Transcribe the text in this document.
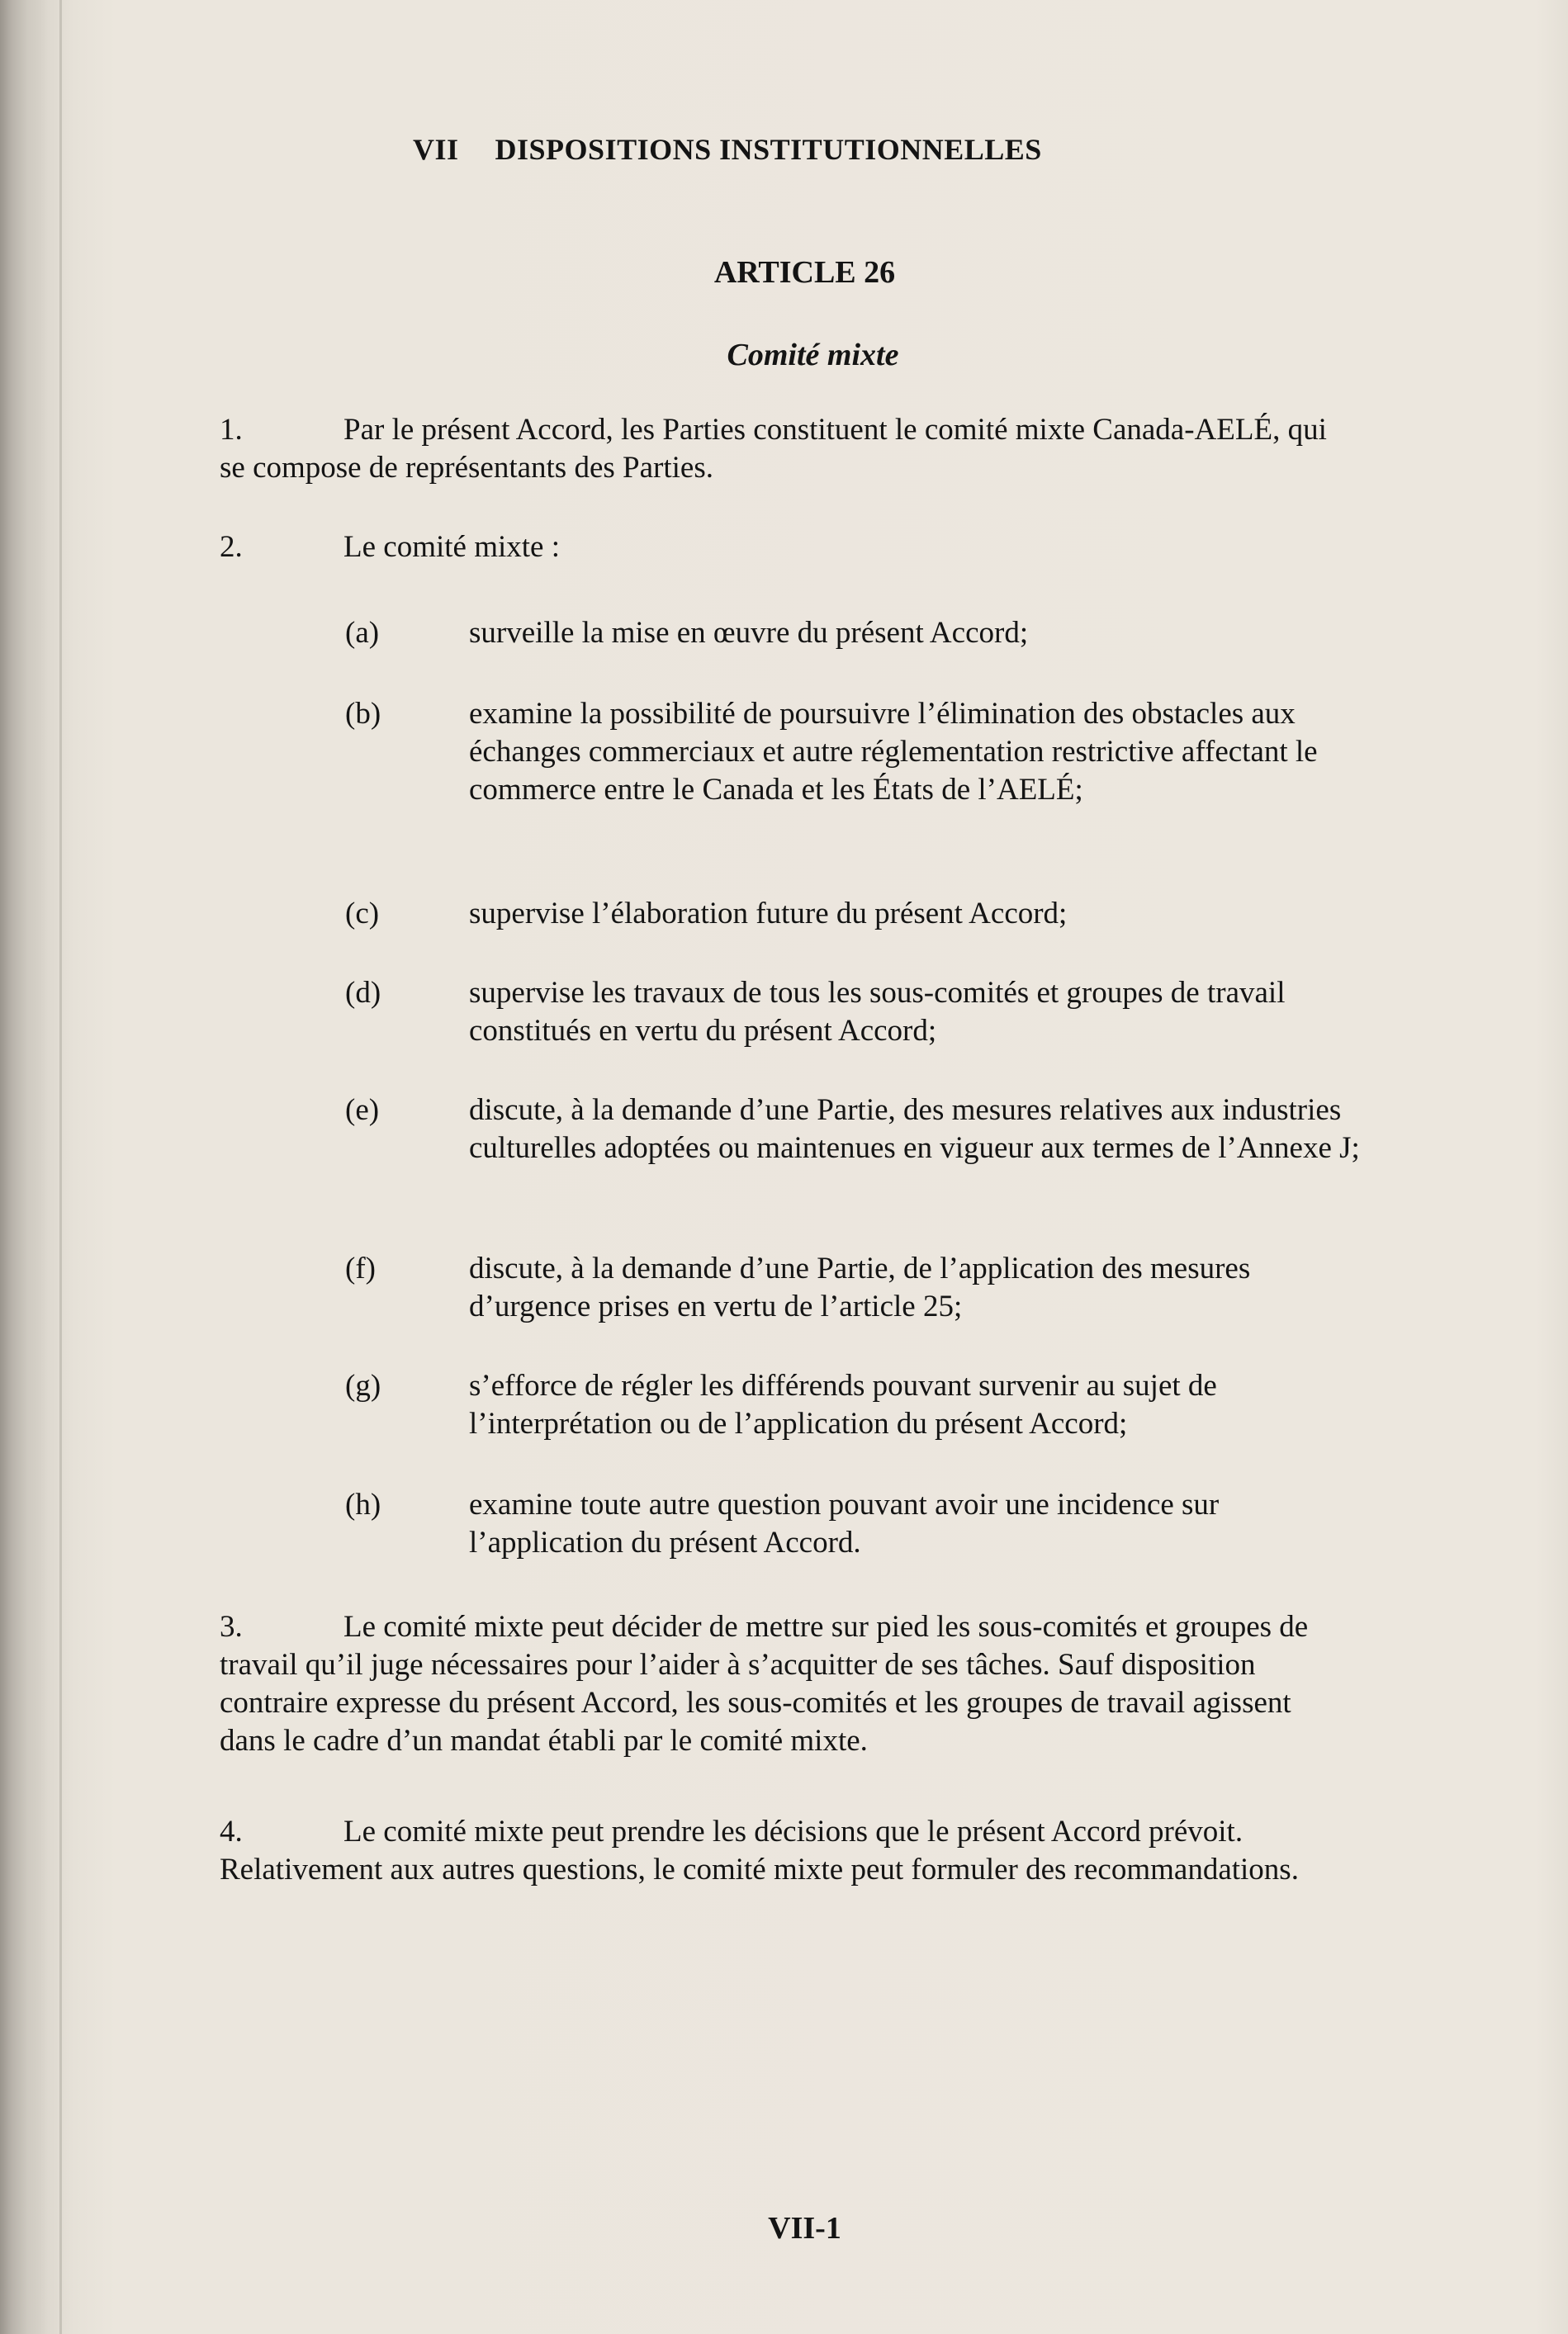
VII DISPOSITIONS INSTITUTIONNELLES
ARTICLE 26
Comité mixte
1.	Par le présent Accord, les Parties constituent le comité mixte Canada-AELÉ, qui se compose de représentants des Parties.
2.	Le comité mixte :
(a)	surveille la mise en œuvre du présent Accord;
(b)	examine la possibilité de poursuivre l’élimination des obstacles aux échanges commerciaux et autre réglementation restrictive affectant le commerce entre le Canada et les États de l’AELÉ;
(c)	supervise l’élaboration future du présent Accord;
(d)	supervise les travaux de tous les sous-comités et groupes de travail constitués en vertu du présent Accord;
(e)	discute, à la demande d’une Partie, des mesures relatives aux industries culturelles adoptées ou maintenues en vigueur aux termes de l’Annexe J;
(f)	discute, à la demande d’une Partie, de l’application des mesures d’urgence prises en vertu de l’article 25;
(g)	s’efforce de régler les différends pouvant survenir au sujet de l’interprétation ou de l’application du présent Accord;
(h)	examine toute autre question pouvant avoir une incidence sur l’application du présent Accord.
3.	Le comité mixte peut décider de mettre sur pied les sous-comités et groupes de travail qu’il juge nécessaires pour l’aider à s’acquitter de ses tâches. Sauf disposition contraire expresse du présent Accord, les sous-comités et les groupes de travail agissent dans le cadre d’un mandat établi par le comité mixte.
4.	Le comité mixte peut prendre les décisions que le présent Accord prévoit. Relativement aux autres questions, le comité mixte peut formuler des recommandations.
VII-1
